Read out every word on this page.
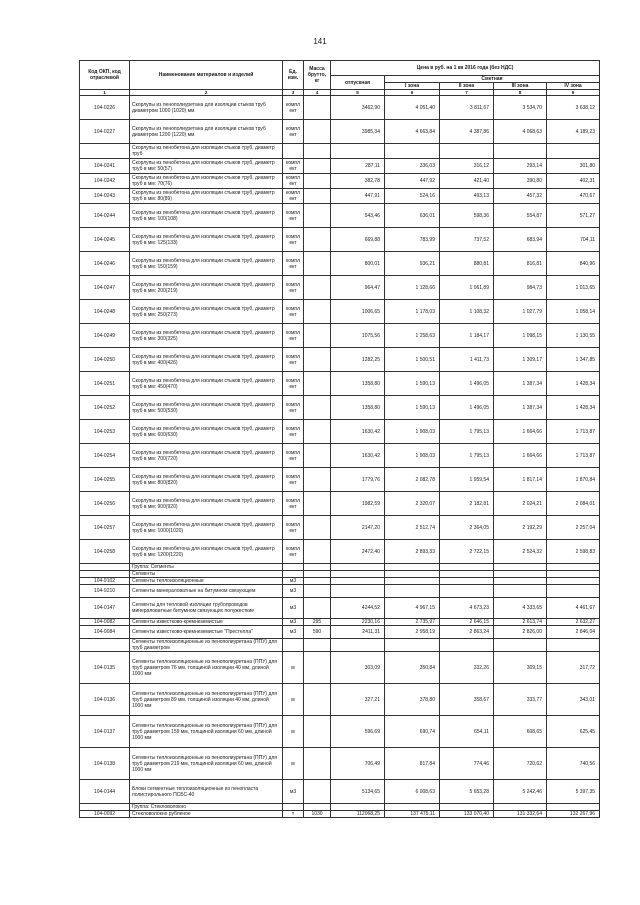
141
Код ОКП, код отраслевой	Наименование материалов и изделий	Ед. изм.	Масса брутто, кг	Цена в руб. на 1 кв 2016 года (без НДС)				
				отпускная	Сметная			
					I зона	II зона	III зона	IV зона
1	2	3	4	5	6	7	8	9
104-0226	Скорлупы из пенополиуретана для изоляции стыков труб диаметром 1000 (1020) мм	компл ект		3462,90	4 051,40	3 811,67	3 534,70	3 638,12
104-0227	Скорлупы из пенополиуретана для изоляции стыков труб диаметром 1200 (1220) мм	компл ект		3985,34	4 663,84	4 387,86	4 068,63	4 189,23
	Скорлупы из пенобетона для изоляции стыков труб, диаметр труб							
104-0241	Скорлупы из пенобетона для изоляции стыков труб, диаметр труб в мм: 50(57)	компл ект		287,11	336,03	316,12	293,14	301,80
104-0242	Скорлупы из пенобетона для изоляции стыков труб, диаметр труб в мм: 70(76)	компл ект		382,78	447,92	421,40	390,80	402,31
104-0243	Скорлупы из пенобетона для изоляции стыков труб, диаметр труб в мм: 80(89)	компл ект		447,91	524,16	493,13	457,32	470,67
104-0244	Скорлупы из пенобетона для изоляции стыков труб, диаметр труб в мм: 100(108)	компл ект		543,46	636,01	598,36	554,87	571,27
104-0245	Скорлупы из пенобетона для изоляции стыков труб, диаметр труб в мм: 125(133)	компл ект		669,88	783,99	737,52	683,94	704,11
104-0246	Скорлупы из пенобетона для изоляции стыков труб, диаметр труб в мм: 150(159)	компл ект		800,01	936,21	880,81	816,81	840,96
104-0247	Скорлупы из пенобетона для изоляции стыков труб, диаметр труб в мм: 200(219)	компл ект		964,47	1 128,66	1 061,89	984,73	1 013,65
104-0248	Скорлупы из пенобетона для изоляции стыков труб, диаметр труб в мм: 250(273)	компл ект		1006,65	1 178,03	1 108,32	1 027,79	1 058,14
104-0249	Скорлупы из пенобетона для изоляции стыков труб, диаметр труб в мм: 300(325)	компл ект		1075,56	1 258,63	1 184,17	1 098,15	1 130,55
104-0250	Скорлупы из пенобетона для изоляции стыков труб, диаметр труб в мм: 400(426)	компл ект		1282,25	1 500,51	1 411,73	1 309,17	1 347,85
104-0251	Скорлупы из пенобетона для изоляции стыков труб, диаметр труб в мм: 450(470)	компл ект		1358,80	1 590,13	1 496,05	1 387,34	1 428,34
104-0252	Скорлупы из пенобетона для изоляции стыков труб, диаметр труб в мм: 500(530)	компл ект		1358,80	1 590,13	1 496,05	1 387,34	1 428,34
104-0253	Скорлупы из пенобетона для изоляции стыков труб, диаметр труб в мм: 600(630)	компл ект		1630,42	1 908,03	1 795,13	1 664,66	1 713,87
104-0254	Скорлупы из пенобетона для изоляции стыков труб, диаметр труб в мм: 700(720)	компл ект		1630,42	1 908,03	1 795,13	1 664,66	1 713,87
104-0255	Скорлупы из пенобетона для изоляции стыков труб, диаметр труб в мм: 800(820)	компл ект		1779,76	2 082,78	1 959,54	1 817,14	1 870,84
104-0256	Скорлупы из пенобетона для изоляции стыков труб, диаметр труб в мм: 900(920)	компл ект		1982,59	2 320,07	2 182,81	2 024,21	2 084,01
104-0257	Скорлупы из пенобетона для изоляции стыков труб, диаметр труб в мм: 1000(1020)	компл ект		2147,20	2 512,74	2 364,05	2 192,29	2 257,04
104-0258	Скорлупы из пенобетона для изоляции стыков труб, диаметр труб в мм: 1200(1220)	компл ект		2472,40	2 893,33	2 722,15	2 524,32	2 598,83
	Группа: Сегменты							
	Сегменты							
104-9102	Сегменты теплоизоляционные	м3						
104-9210	Сегменты минераловатные на битумном связующем	м3						
104-0147	Сегменты для тепловой изоляции трубопроводов минераловатные битумном связующих полужесткие	м3		4244,52	4 967,15	4 673,23	4 333,65	4 461,67
104-0082	Сегменты известково-кремнеземистые	м3	295	2230,16	2 735,97	2 646,15	2 613,74	2 632,27
104-0084	Сегменты известково-кремнеземистые "Престелла"	м3	590	2411,31	2 958,19	2 863,24	2 826,00	2 846,04
	Сегменты теплоизоляционные из пенополиуретана (ППУ) для труб диаметром							
104-0135	Сегменты теплоизоляционные из пенополиуретана (ППУ) для труб диаметром 76 мм, толщиной изоляции 40 мм, длиной 1000 мм	м		303,09	350,84	332,26	309,15	317,72
104-0136	Сегменты теплоизоляционные из пенополиуретана (ППУ) для труб диаметром 89 мм, толщиной изоляции 40 мм, длиной 1000 мм	м		327,21	378,80	358,67	333,77	343,01
104-0137	Сегменты теплоизоляционные из пенополиуретана (ППУ) для труб диаметром 159 мм, толщиной изоляции 60 мм, длиной 1000 мм	м		596,69	690,74	654,11	608,65	625,45
104-0138	Сегменты теплоизоляционные из пенополиуретана (ППУ) для труб диаметром 219 мм, толщиной изоляции 60 мм, длиной 1000 мм	м		706,49	817,84	774,46	720,62	740,56
104-0144	Блоки сегментные теплоизоляционные из пенопласта полистирольного ПСБС-40	м3		5134,65	6 008,63	5 653,28	5 242,46	5 397,35
	Группа: Стекловолокно							
104-0092	Стекловолокно рубленое	т	1030	112068,25	137 475,11	133 070,40	131 332,64	132 267,96
